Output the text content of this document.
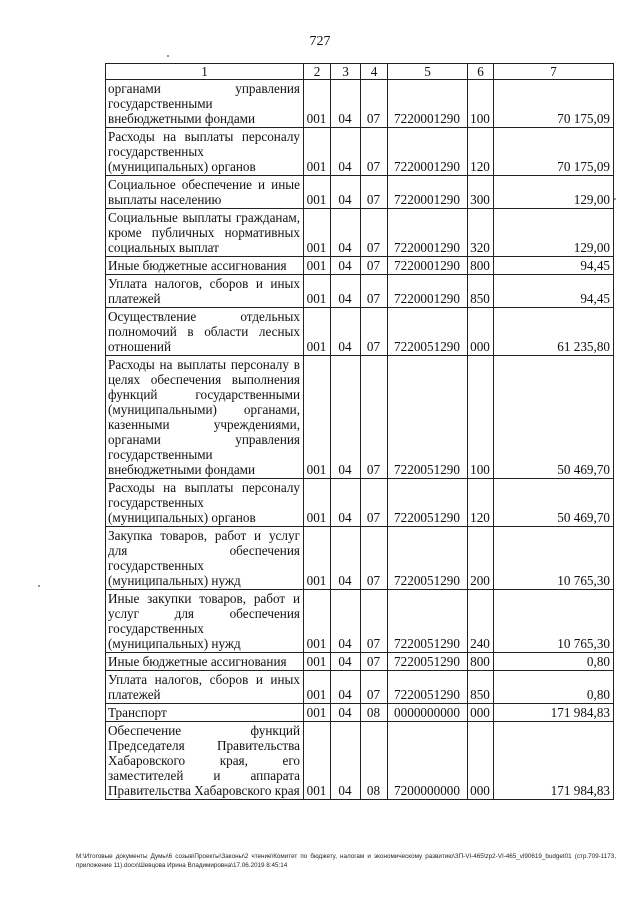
727
1	2	3	4	5	6	7
органами управления государственными внебюджетными фондами	001	04	07	7220001290	100	70 175,09
Расходы на выплаты персоналу государственных (муниципальных) органов	001	04	07	7220001290	120	70 175,09
Социальное обеспечение и иные выплаты населению	001	04	07	7220001290	300	129,00
Социальные выплаты гражданам, кроме публичных нормативных социальных выплат	001	04	07	7220001290	320	129,00
Иные бюджетные ассигнования	001	04	07	7220001290	800	94,45
Уплата налогов, сборов и иных платежей	001	04	07	7220001290	850	94,45
Осуществление отдельных полномочий в области лесных отношений	001	04	07	7220051290	000	61 235,80
Расходы на выплаты персоналу в целях обеспечения выполнения функций государственными (муниципальными) органами, казенными учреждениями, органами управления государственными внебюджетными фондами	001	04	07	7220051290	100	50 469,70
Расходы на выплаты персоналу государственных (муниципальных) органов	001	04	07	7220051290	120	50 469,70
Закупка товаров, работ и услуг для обеспечения государственных (муниципальных) нужд	001	04	07	7220051290	200	10 765,30
Иные закупки товаров, работ и услуг для обеспечения государственных (муниципальных) нужд	001	04	07	7220051290	240	10 765,30
Иные бюджетные ассигнования	001	04	07	7220051290	800	0,80
Уплата налогов, сборов и иных платежей	001	04	07	7220051290	850	0,80
Транспорт	001	04	08	0000000000	000	171 984,83
Обеспечение функций Председателя Правительства Хабаровского края, его заместителей и аппарата Правительства Хабаровского края	001	04	08	7200000000	000	171 984,83
M:\Итоговые документы Думы\6 созыв\Проекты\Законы\2 чтение\Комитет по бюджету, налогам и экономическому развитию\ЗП-VI-465\zp2-VI-465_vl90619_budget01 (стр.709-1173, приложение 11).docx\Шевцова Ирина Владимировна\17.06.2019 8:45:14
